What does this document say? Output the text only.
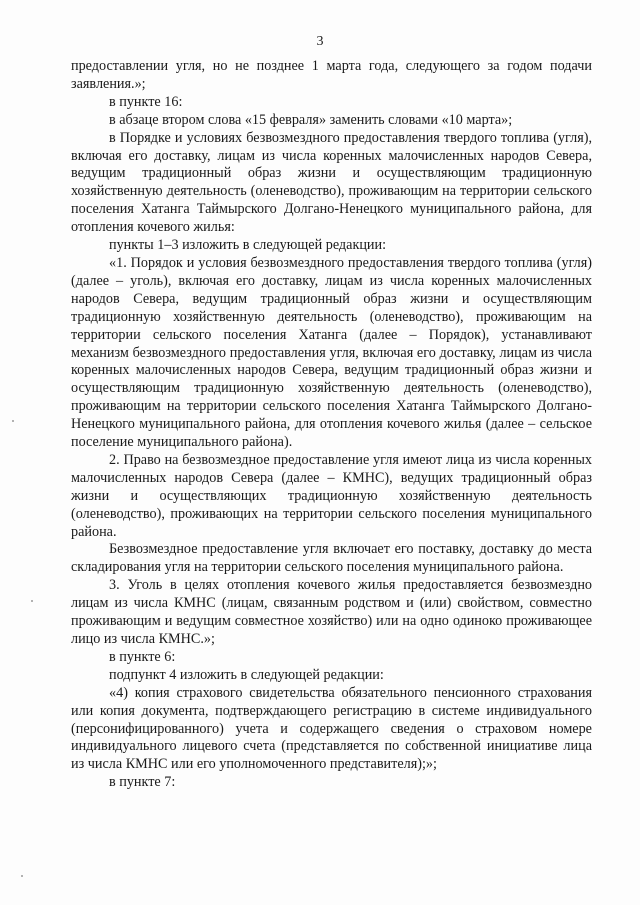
3

предоставлении угля, но не позднее 1 марта года, следующего за годом подачи заявления.»;

в пункте 16:

в абзаце втором слова «15 февраля» заменить словами «10 марта»;

в Порядке и условиях безвозмездного предоставления твердого топлива (угля), включая его доставку, лицам из числа коренных малочисленных народов Севера, ведущим традиционный образ жизни и осуществляющим традиционную хозяйственную деятельность (оленеводство), проживающим на территории сельского поселения Хатанга Таймырского Долгано-Ненецкого муниципального района, для отопления кочевого жилья:

пункты 1–3 изложить в следующей редакции:

«1. Порядок и условия безвозмездного предоставления твердого топлива (угля) (далее – уголь), включая его доставку, лицам из числа коренных малочисленных народов Севера, ведущим традиционный образ жизни и осуществляющим традиционную хозяйственную деятельность (оленеводство), проживающим на территории сельского поселения Хатанга (далее – Порядок), устанавливают механизм безвозмездного предоставления угля, включая его доставку, лицам из числа коренных малочисленных народов Севера, ведущим традиционный образ жизни и осуществляющим традиционную хозяйственную деятельность (оленеводство), проживающим на территории сельского поселения Хатанга Таймырского Долгано-Ненецкого муниципального района, для отопления кочевого жилья (далее – сельское поселение муниципального района).

2. Право на безвозмездное предоставление угля имеют лица из числа коренных малочисленных народов Севера (далее – КМНС), ведущих традиционный образ жизни и осуществляющих традиционную хозяйственную деятельность (оленеводство), проживающих на территории сельского поселения муниципального района.

Безвозмездное предоставление угля включает его поставку, доставку до места складирования угля на территории сельского поселения муниципального района.

3. Уголь в целях отопления кочевого жилья предоставляется безвозмездно лицам из числа КМНС (лицам, связанным родством и (или) свойством, совместно проживающим и ведущим совместное хозяйство) или на одно одиноко проживающее лицо из числа КМНС.»;

в пункте 6:

подпункт 4 изложить в следующей редакции:

«4) копия страхового свидетельства обязательного пенсионного страхования или копия документа, подтверждающего регистрацию в системе индивидуального (персонифицированного) учета и содержащего сведения о страховом номере индивидуального лицевого счета (представляется по собственной инициативе лица из числа КМНС или его уполномоченного представителя);»;

в пункте 7:
